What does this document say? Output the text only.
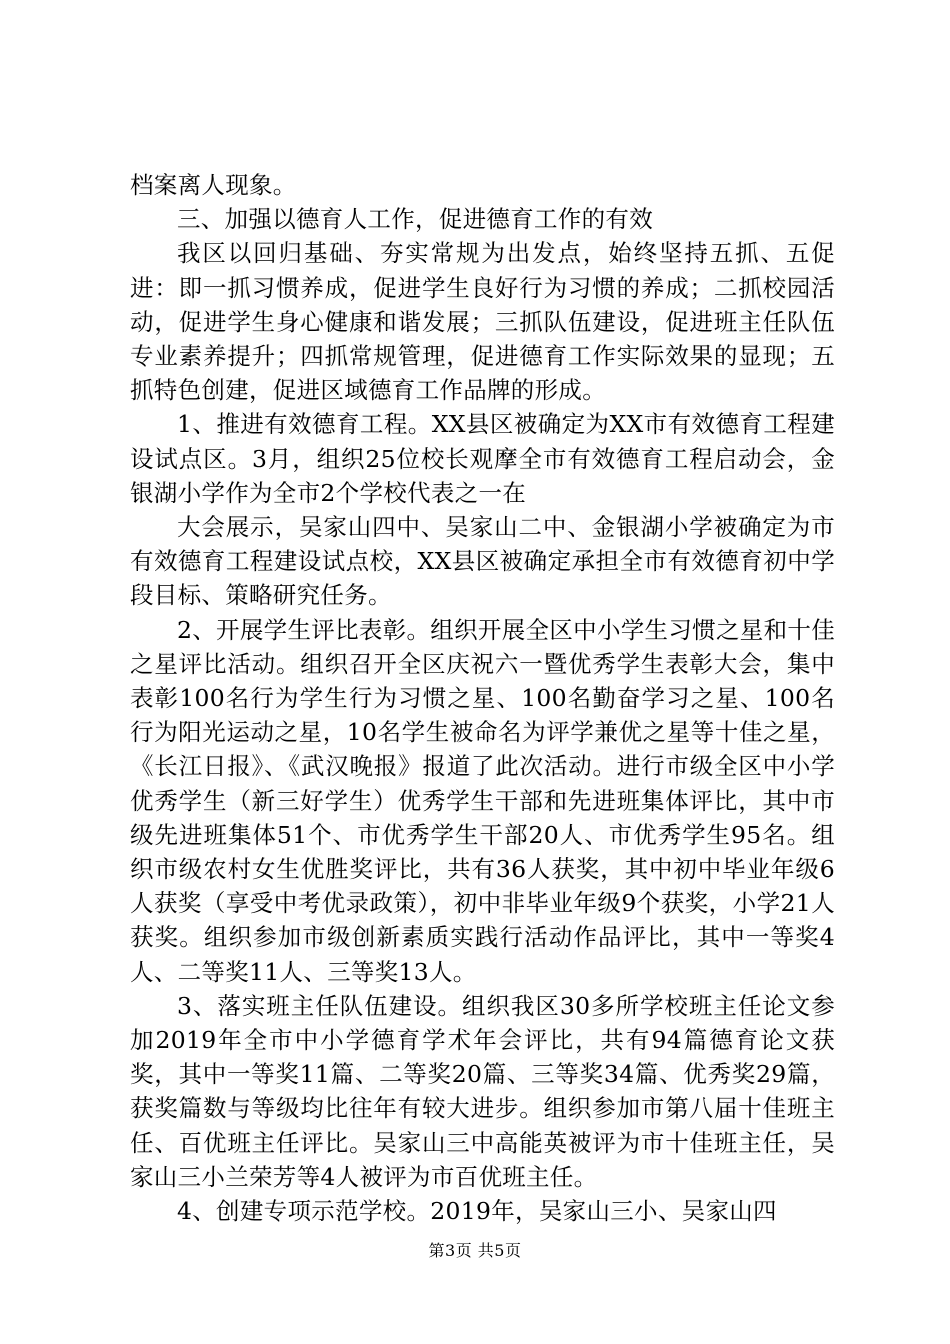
档案离人现象。

三、加强以德育人工作，促进德育工作的有效

我区以回归基础、夯实常规为出发点，始终坚持五抓、五促进：即一抓习惯养成，促进学生良好行为习惯的养成；二抓校园活动，促进学生身心健康和谐发展；三抓队伍建设，促进班主任队伍专业素养提升；四抓常规管理，促进德育工作实际效果的显现；五抓特色创建，促进区域德育工作品牌的形成。

1、推进有效德育工程。XX县区被确定为XX市有效德育工程建设试点区。3月，组织25位校长观摩全市有效德育工程启动会，金银湖小学作为全市2个学校代表之一在

大会展示，吴家山四中、吴家山二中、金银湖小学被确定为市有效德育工程建设试点校，XX县区被确定承担全市有效德育初中学段目标、策略研究任务。

2、开展学生评比表彰。组织开展全区中小学生习惯之星和十佳之星评比活动。组织召开全区庆祝六一暨优秀学生表彰大会，集中表彰100名行为学生行为习惯之星、100名勤奋学习之星、100名行为阳光运动之星，10名学生被命名为评学兼优之星等十佳之星，《长江日报》、《武汉晚报》报道了此次活动。进行市级全区中小学优秀学生（新三好学生）优秀学生干部和先进班集体评比，其中市级先进班集体51个、市优秀学生干部20人、市优秀学生95名。组织市级农村女生优胜奖评比，共有36人获奖，其中初中毕业年级6人获奖（享受中考优录政策），初中非毕业年级9个获奖，小学21人获奖。组织参加市级创新素质实践行活动作品评比，其中一等奖4人、二等奖11人、三等奖13人。

3、落实班主任队伍建设。组织我区30多所学校班主任论文参加2019年全市中小学德育学术年会评比，共有94篇德育论文获奖，其中一等奖11篇、二等奖20篇、三等奖34篇、优秀奖29篇，获奖篇数与等级均比往年有较大进步。组织参加市第八届十佳班主任、百优班主任评比。吴家山三中高能英被评为市十佳班主任，吴家山三小兰荣芳等4人被评为市百优班主任。

4、创建专项示范学校。2019年，吴家山三小、吴家山四

第3页 共5页
